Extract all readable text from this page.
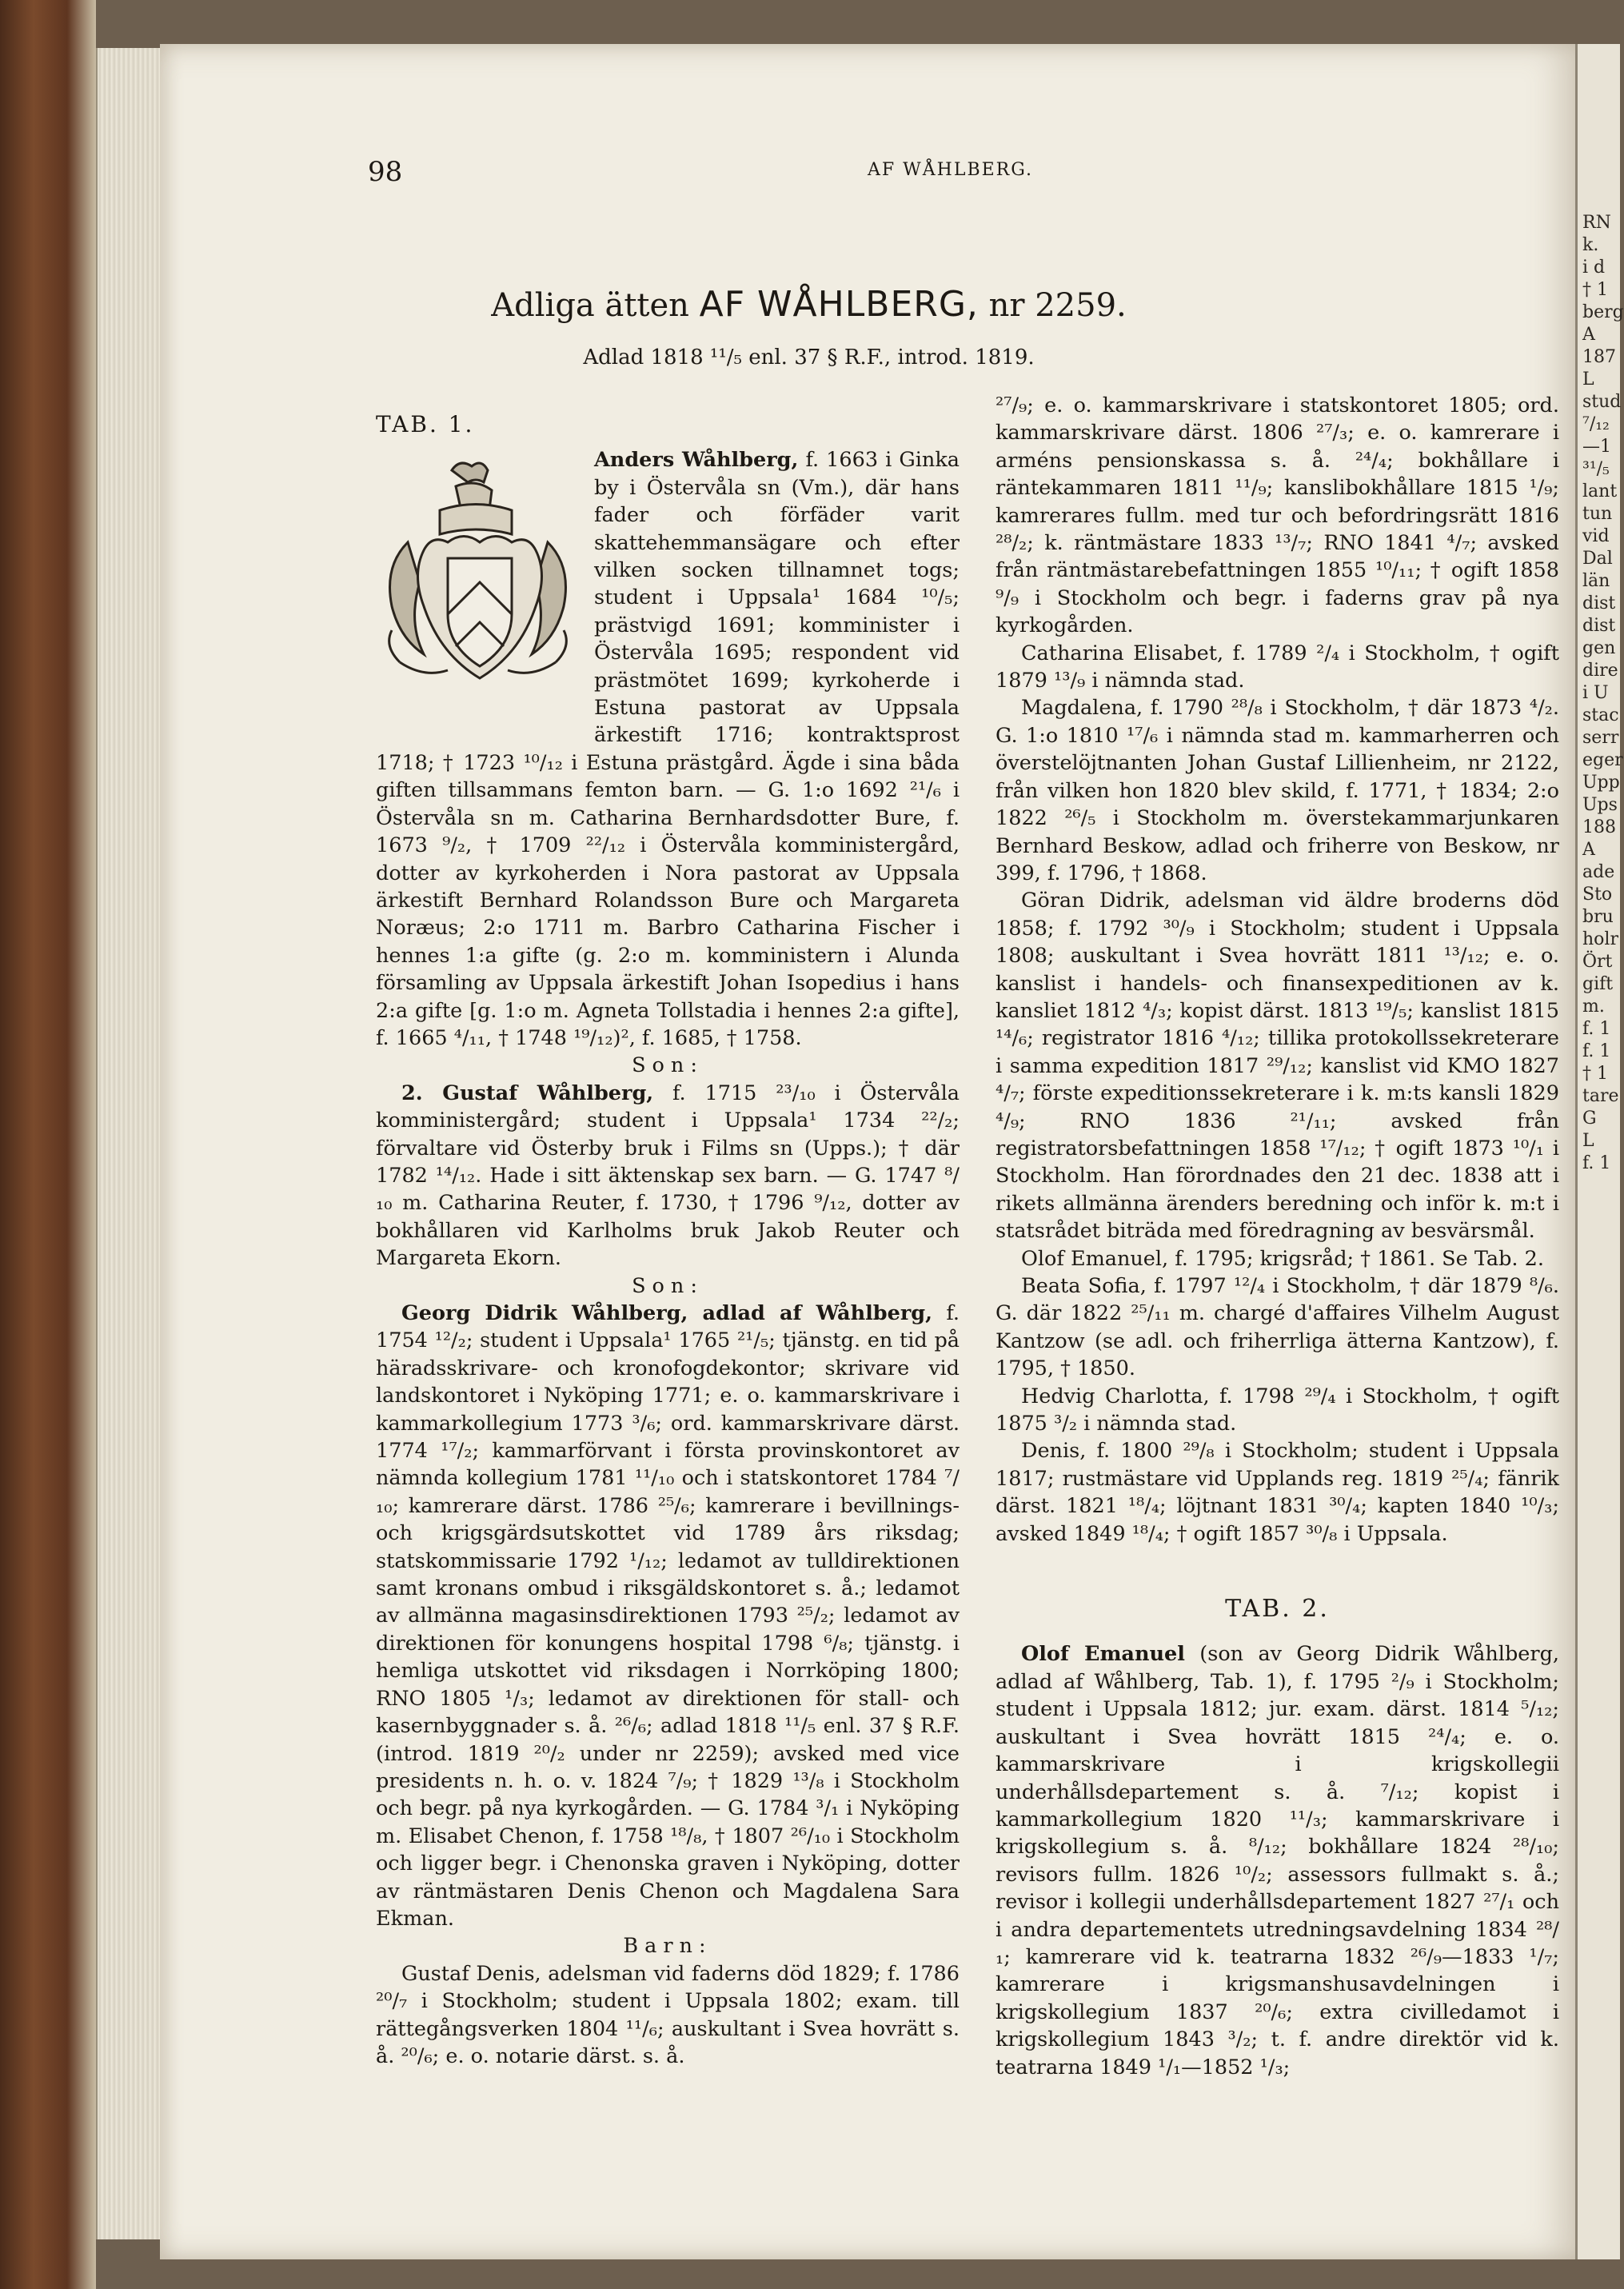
RN
k.
i d
† 1
berg
A
187
L
stud
⁷/₁₂
—1
³¹/₅
lant
tun
vid
Dal
län
dist
dist
gen
dire
i U
stac
serr
eger
Upp
Ups
188
A
ade
Sto
bru
holr
Ört
gift
m.
f. 1
f. 1
† 1
tare
G
L
f. 1
98	AF WÅHLBERG.
Adliga ätten AF WÅHLBERG, nr 2259.
Adlad 1818 ¹¹/₅ enl. 37 § R.F., introd. 1819.
TAB. 1.

Anders Wåhlberg, f. 1663 i Ginka by i Östervåla sn (Vm.), där hans fader och förfäder varit skattehemmansägare och efter vilken socken tillnamnet togs; student i Uppsala¹ 1684 ¹⁰/₅; prästvigd 1691; komminister i Östervåla 1695; respondent vid prästmötet 1699; kyrkoherde i Estuna pastorat av Uppsala ärkestift 1716; kontraktsprost 1718; † 1723 ¹⁰/₁₂ i Estuna prästgård. Ägde i sina båda giften tillsammans femton barn. — G. 1:o 1692 ²¹/₆ i Östervåla sn m. Catharina Bernhardsdotter Bure, f. 1673 ⁹/₂, † 1709 ²²/₁₂ i Östervåla komministergård, dotter av kyrkoherden i Nora pastorat av Uppsala ärkestift Bernhard Rolandsson Bure och Margareta Noræus; 2:o 1711 m. Barbro Catharina Fischer i hennes 1:a gifte (g. 2:o m. komministern i Alunda församling av Uppsala ärkestift Johan Isopedius i hans 2:a gifte [g. 1:o m. Agneta Tollstadia i hennes 2:a gifte], f. 1665 ⁴/₁₁, † 1748 ¹⁹/₁₂)², f. 1685, † 1758.

Son:

2. Gustaf Wåhlberg, f. 1715 ²³/₁₀ i Östervåla komministergård; student i Uppsala¹ 1734 ²²/₂; förvaltare vid Österby bruk i Films sn (Upps.); † där 1782 ¹⁴/₁₂. Hade i sitt äktenskap sex barn. — G. 1747 ⁸/₁₀ m. Catharina Reuter, f. 1730, † 1796 ⁹/₁₂, dotter av bokhållaren vid Karlholms bruk Jakob Reuter och Margareta Ekorn.

Son:

Georg Didrik Wåhlberg, adlad af Wåhlberg, f. 1754 ¹²/₂; student i Uppsala¹ 1765 ²¹/₅; tjänstg. en tid på häradsskrivare- och kronofogdekontor; skrivare vid landskontoret i Nyköping 1771; e. o. kammarskrivare i kammarkollegium 1773 ³/₆; ord. kammarskrivare därst. 1774 ¹⁷/₂; kammarförvant i första provinskontoret av nämnda kollegium 1781 ¹¹/₁₀ och i statskontoret 1784 ⁷/₁₀; kamrerare därst. 1786 ²⁵/₆; kamrerare i bevillnings- och krigsgärdsutskottet vid 1789 års riksdag; statskommissarie 1792 ¹/₁₂; ledamot av tulldirektionen samt kronans ombud i riksgäldskontoret s. å.; ledamot av allmänna magasinsdirektionen 1793 ²⁵/₂; ledamot av direktionen för konungens hospital 1798 ⁶/₈; tjänstg. i hemliga utskottet vid riksdagen i Norrköping 1800; RNO 1805 ¹/₃; ledamot av direktionen för stall- och kasernbyggnader s. å. ²⁶/₆; adlad 1818 ¹¹/₅ enl. 37 § R.F. (introd. 1819 ²⁰/₂ under nr 2259); avsked med vice presidents n. h. o. v. 1824 ⁷/₉; † 1829 ¹³/₈ i Stockholm och begr. på nya kyrkogården. — G. 1784 ³/₁ i Nyköping m. Elisabet Chenon, f. 1758 ¹⁸/₈, † 1807 ²⁶/₁₀ i Stockholm och ligger begr. i Chenonska graven i Nyköping, dotter av räntmästaren Denis Chenon och Magdalena Sara Ekman.

Barn:

Gustaf Denis, adelsman vid faderns död 1829; f. 1786 ²⁰/₇ i Stockholm; student i Uppsala 1802; exam. till rättegångsverken 1804 ¹¹/₆; auskultant i Svea hovrätt s. å. ²⁰/₆; e. o. notarie därst. s. å.

²⁷/₉; e. o. kammarskrivare i statskontoret 1805; ord. kammarskrivare därst. 1806 ²⁷/₃; e. o. kamrerare i arméns pensionskassa s. å. ²⁴/₄; bokhållare i räntekammaren 1811 ¹¹/₉; kanslibokhållare 1815 ¹/₉; kamrerares fullm. med tur och befordringsrätt 1816 ²⁸/₂; k. räntmästare 1833 ¹³/₇; RNO 1841 ⁴/₇; avsked från räntmästarebefattningen 1855 ¹⁰/₁₁; † ogift 1858 ⁹/₉ i Stockholm och begr. i faderns grav på nya kyrkogården.

Catharina Elisabet, f. 1789 ²/₄ i Stockholm, † ogift 1879 ¹³/₉ i nämnda stad.

Magdalena, f. 1790 ²⁸/₈ i Stockholm, † där 1873 ⁴/₂. G. 1:o 1810 ¹⁷/₆ i nämnda stad m. kammarherren och överstelöjtnanten Johan Gustaf Lillienheim, nr 2122, från vilken hon 1820 blev skild, f. 1771, † 1834; 2:o 1822 ²⁶/₅ i Stockholm m. överstekammarjunkaren Bernhard Beskow, adlad och friherre von Beskow, nr 399, f. 1796, † 1868.

Göran Didrik, adelsman vid äldre broderns död 1858; f. 1792 ³⁰/₉ i Stockholm; student i Uppsala 1808; auskultant i Svea hovrätt 1811 ¹³/₁₂; e. o. kanslist i handels- och finansexpeditionen av k. kansliet 1812 ⁴/₃; kopist därst. 1813 ¹⁹/₅; kanslist 1815 ¹⁴/₆; registrator 1816 ⁴/₁₂; tillika protokollssekreterare i samma expedition 1817 ²⁹/₁₂; kanslist vid KMO 1827 ⁴/₇; förste expeditionssekreterare i k. m:ts kansli 1829 ⁴/₉; RNO 1836 ²¹/₁₁; avsked från registratorsbefattningen 1858 ¹⁷/₁₂; † ogift 1873 ¹⁰/₁ i Stockholm. Han förordnades den 21 dec. 1838 att i rikets allmänna ärenders beredning och inför k. m:t i statsrådet biträda med föredragning av besvärsmål.

Olof Emanuel, f. 1795; krigsråd; † 1861. Se Tab. 2.

Beata Sofia, f. 1797 ¹²/₄ i Stockholm, † där 1879 ⁸/₆. G. där 1822 ²⁵/₁₁ m. chargé d'affaires Vilhelm August Kantzow (se adl. och friherrliga ätterna Kantzow), f. 1795, † 1850.

Hedvig Charlotta, f. 1798 ²⁹/₄ i Stockholm, † ogift 1875 ³/₂ i nämnda stad.

Denis, f. 1800 ²⁹/₈ i Stockholm; student i Uppsala 1817; rustmästare vid Upplands reg. 1819 ²⁵/₄; fänrik därst. 1821 ¹⁸/₄; löjtnant 1831 ³⁰/₄; kapten 1840 ¹⁰/₃; avsked 1849 ¹⁸/₄; † ogift 1857 ³⁰/₈ i Uppsala.

TAB. 2.

Olof Emanuel (son av Georg Didrik Wåhlberg, adlad af Wåhlberg, Tab. 1), f. 1795 ²/₉ i Stockholm; student i Uppsala 1812; jur. exam. därst. 1814 ⁵/₁₂; auskultant i Svea hovrätt 1815 ²⁴/₄; e. o. kammarskrivare i krigskollegii underhållsdepartement s. å. ⁷/₁₂; kopist i kammarkollegium 1820 ¹¹/₃; kammarskrivare i krigskollegium s. å. ⁸/₁₂; bokhållare 1824 ²⁸/₁₀; revisors fullm. 1826 ¹⁰/₂; assessors fullmakt s. å.; revisor i kollegii underhållsdepartement 1827 ²⁷/₁ och i andra departementets utredningsavdelning 1834 ²⁸/₁; kamrerare vid k. teatrarna 1832 ²⁶/₉—1833 ¹/₇; kamrerare i krigsmanshusavdelningen i krigskollegium 1837 ²⁰/₆; extra civilledamot i krigskollegium 1843 ³/₂; t. f. andre direktör vid k. teatrarna 1849 ¹/₁—1852 ¹/₃;
